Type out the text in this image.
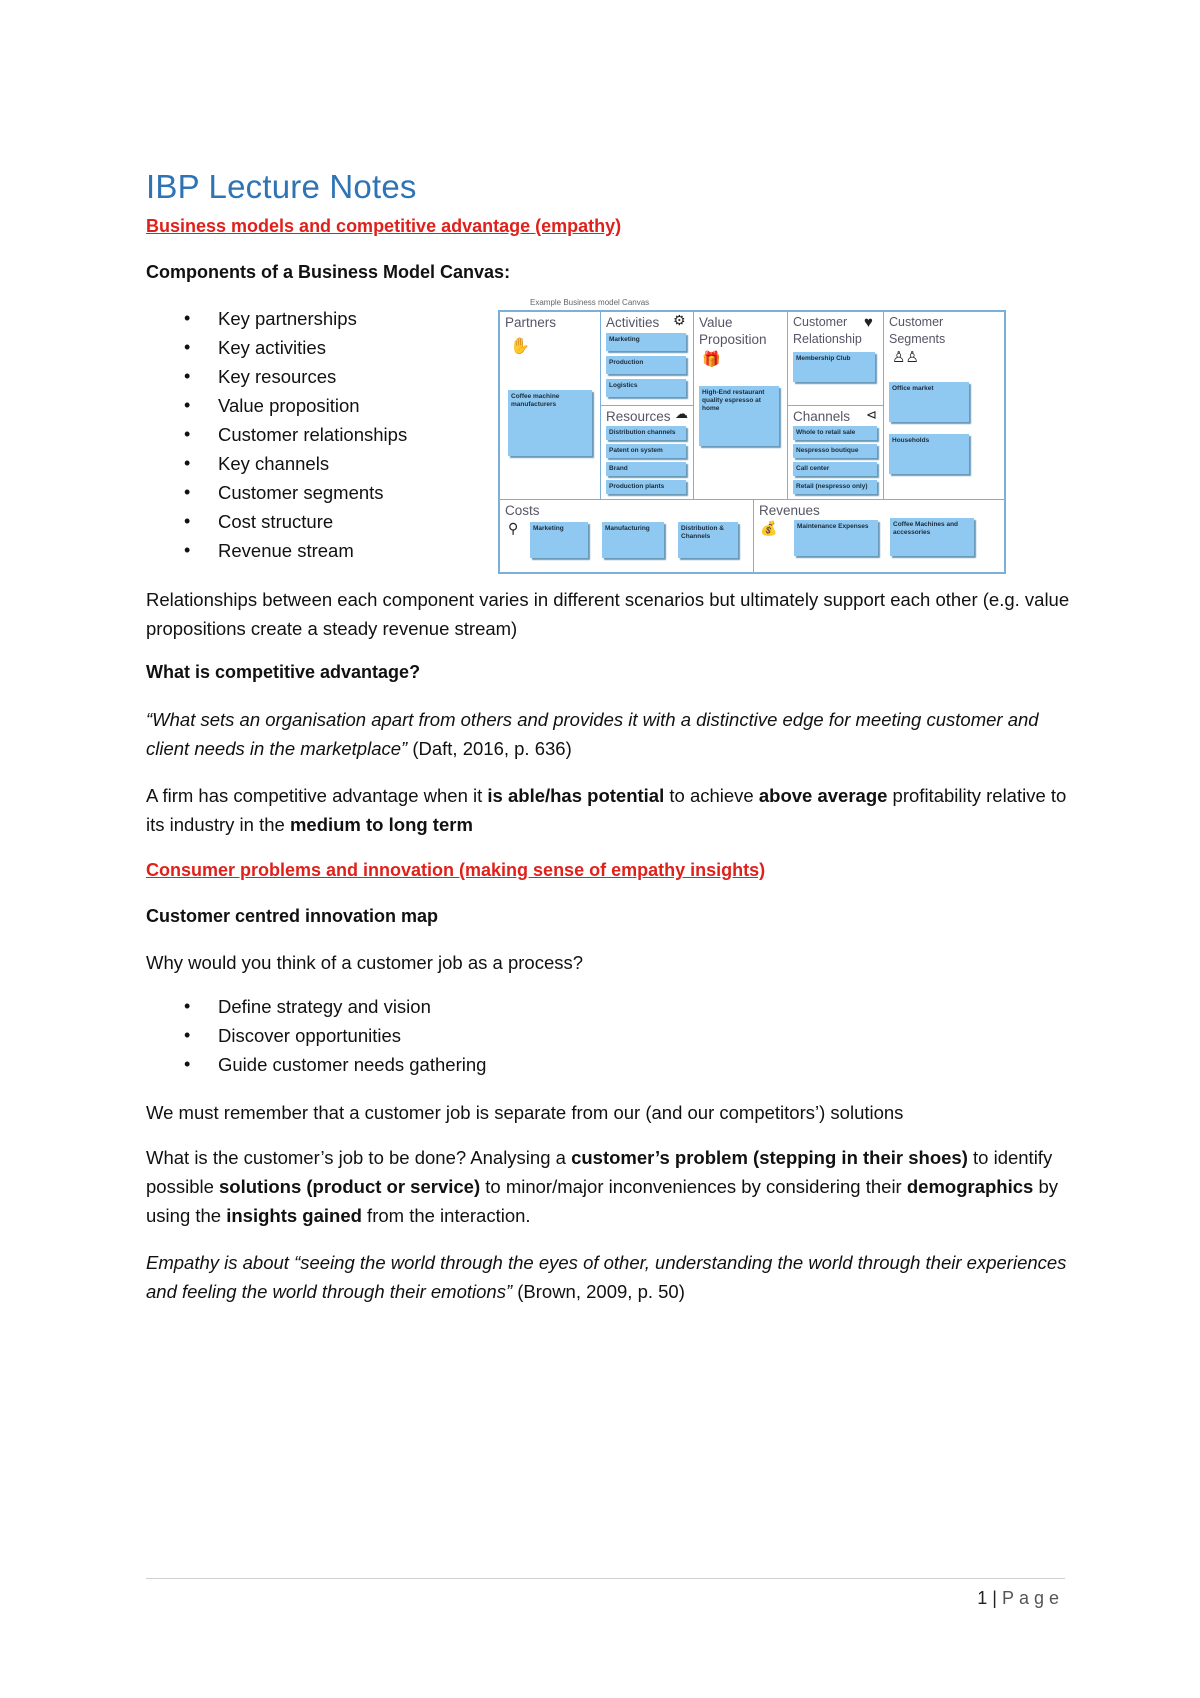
IBP Lecture Notes
Business models and competitive advantage (empathy)
Components of a Business Model Canvas:
• Key partnerships
• Key activities
• Key resources
• Value proposition
• Customer relationships
• Key channels
• Customer segments
• Cost structure
• Revenue stream
Example Business model Canvas
Partners
✋
Coffee machine manufacturers
Activities ⚙
Marketing
Production
Logistics
Resources ☁
Distribution channels
Patent on system
Brand
Production plants
Value Proposition
🎁
High-End restaurant quality espresso at home
Customer Relationship
♥
Membership Club
Channels ⊲
Whole to retail sale
Nespresso boutique
Call center
Retail (nespresso only)
Customer Segments
♙♙
Office market
Households
Costs
⚲	Marketing	Manufacturing	Distribution & Channels
Revenues
💰	Maintenance Expenses	Coffee Machines and accessories
Relationships between each component varies in different scenarios but ultimately support each other (e.g. value propositions create a steady revenue stream)
What is competitive advantage?
“What sets an organisation apart from others and provides it with a distinctive edge for meeting customer and client needs in the marketplace” (Daft, 2016, p. 636)
A firm has competitive advantage when it is able/has potential to achieve above average profitability relative to its industry in the medium to long term
Consumer problems and innovation (making sense of empathy insights)
Customer centred innovation map
Why would you think of a customer job as a process?
• Define strategy and vision
• Discover opportunities
• Guide customer needs gathering
We must remember that a customer job is separate from our (and our competitors’) solutions
What is the customer’s job to be done? Analysing a customer’s problem (stepping in their shoes) to identify possible solutions (product or service) to minor/major inconveniences by considering their demographics by using the insights gained from the interaction.
Empathy is about “seeing the world through the eyes of other, understanding the world through their experiences and feeling the world through their emotions” (Brown, 2009, p. 50)
1 | Page
